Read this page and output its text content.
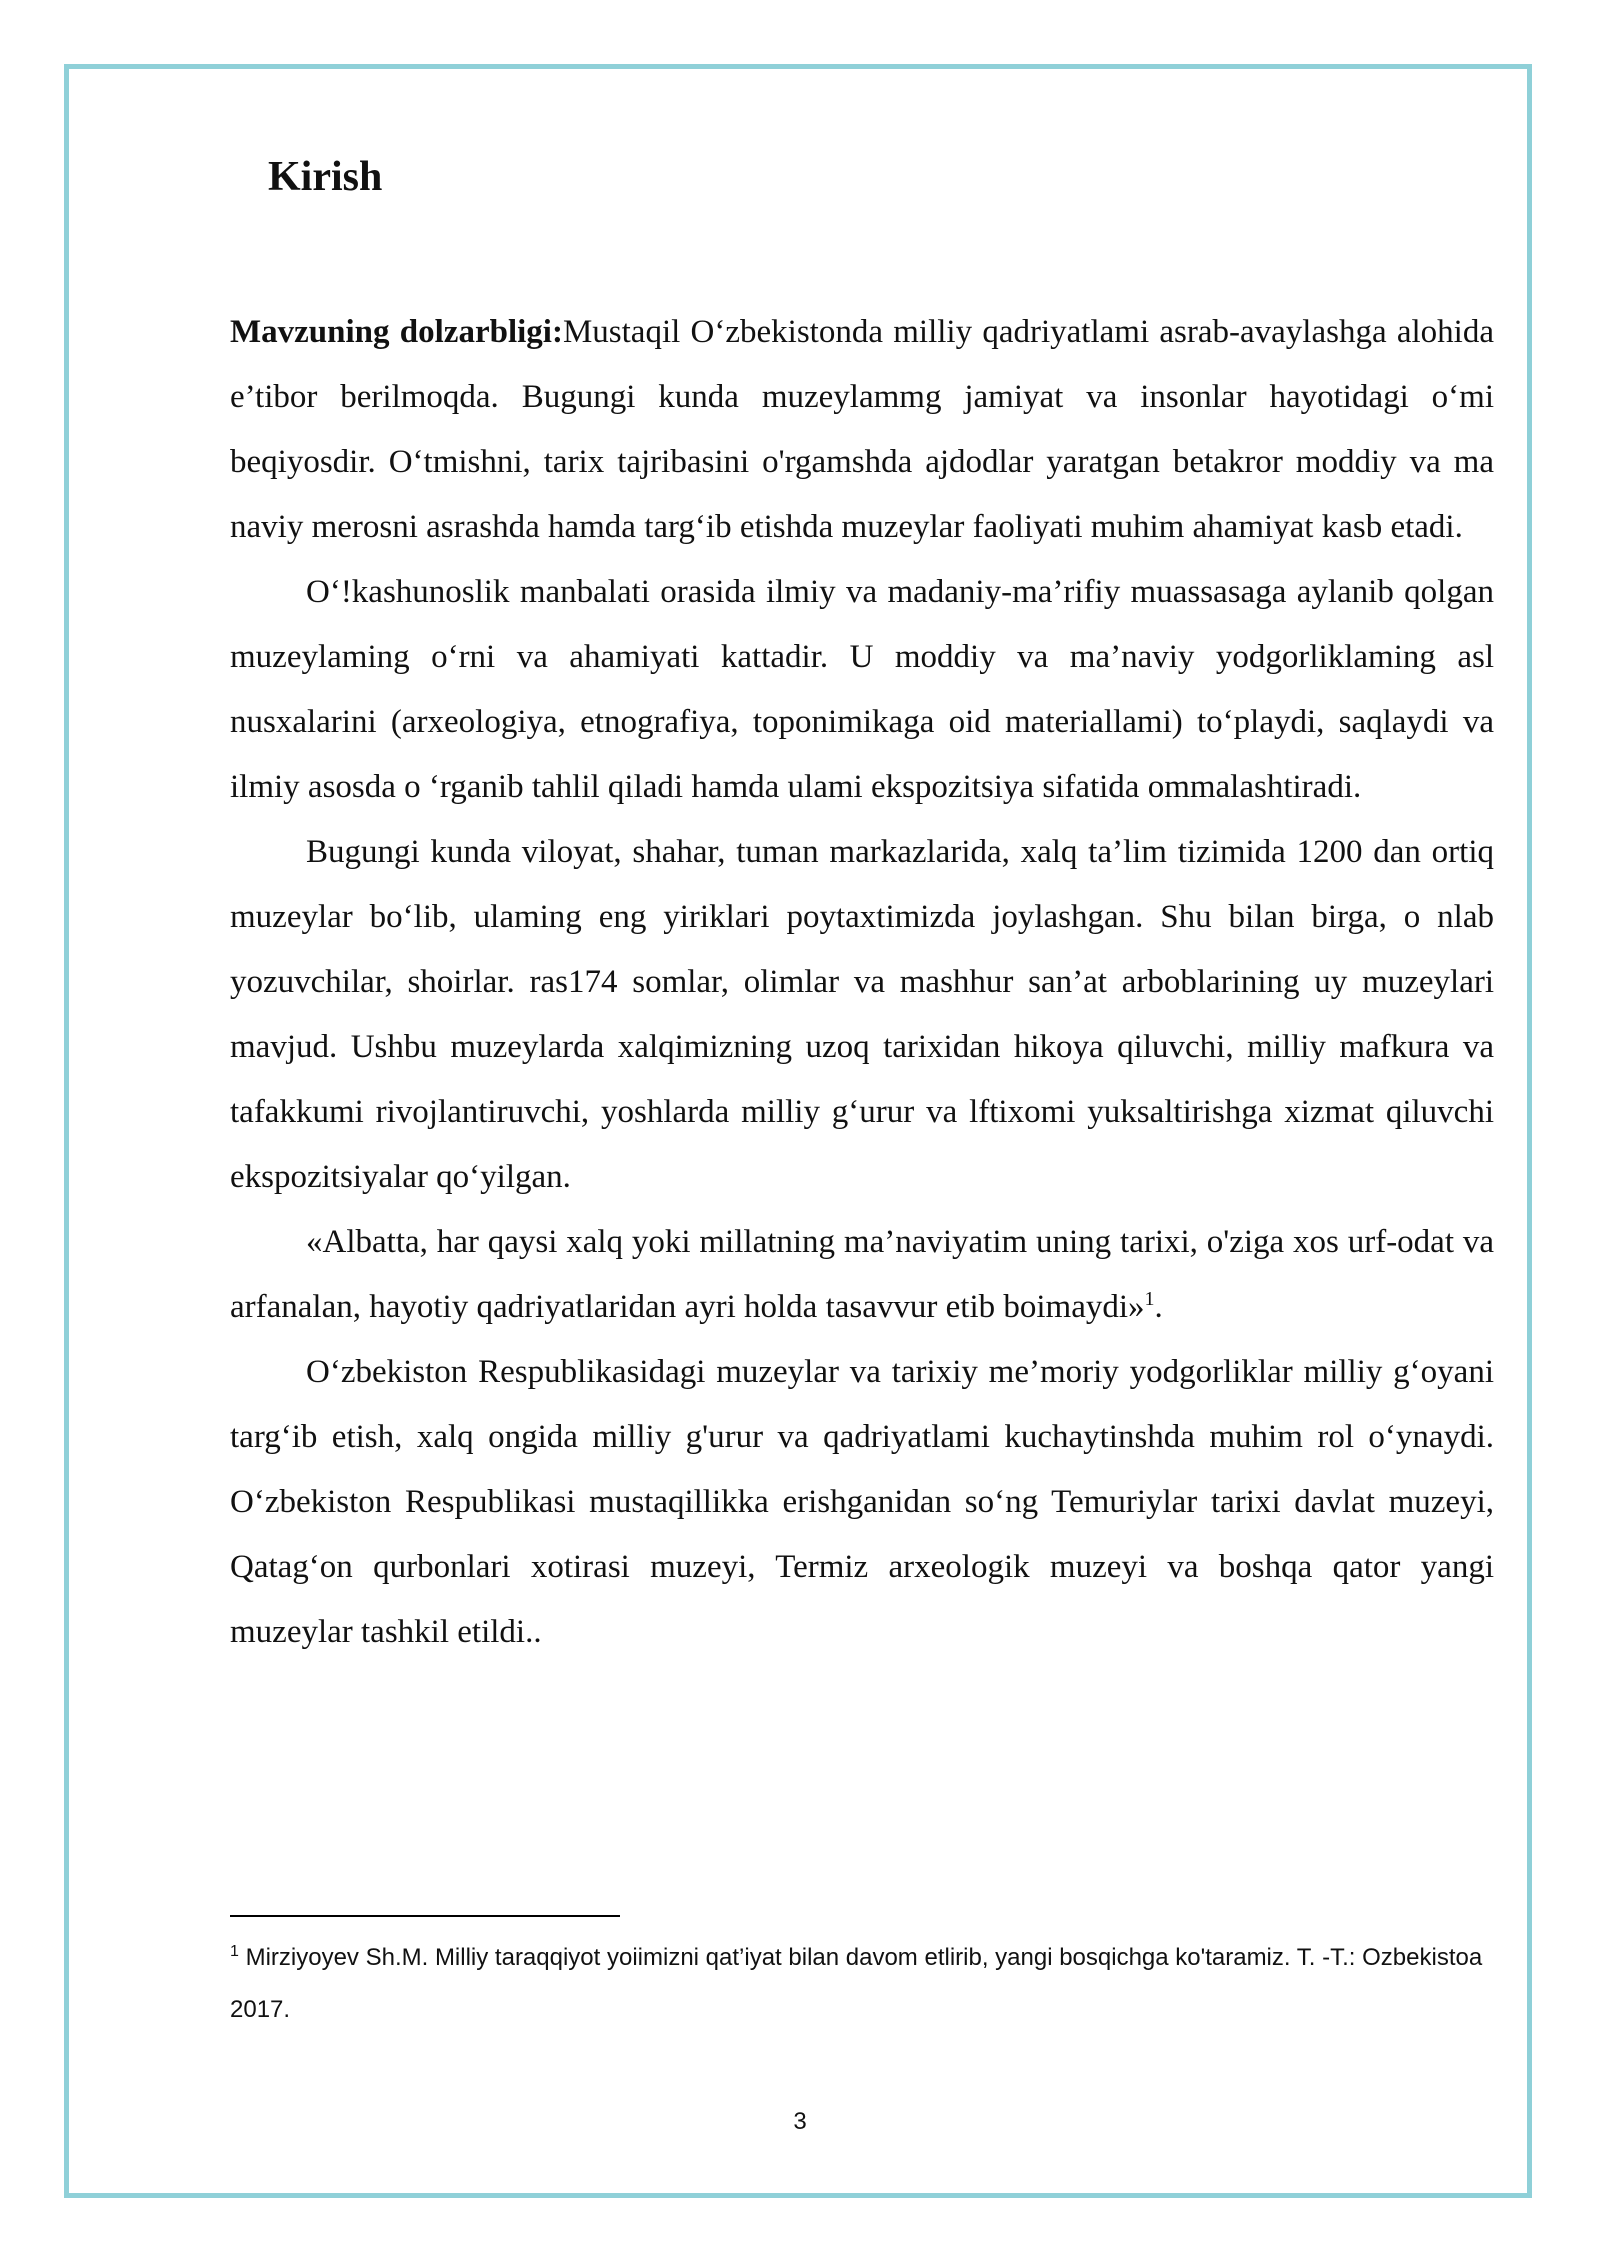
Kirish

Mavzuning dolzarbligi:Mustaqil O‘zbekistonda milliy qadriyatlami asrab-avaylashga alohida e’tibor berilmoqda. Bugungi kunda muzeylammg jamiyat va insonlar hayotidagi o‘mi beqiyosdir. O‘tmishni, tarix tajribasini o'rgamshda ajdodlar yaratgan betakror moddiy va ma naviy merosni asrashda hamda targ‘ib etishda muzeylar faoliyati muhim ahamiyat kasb etadi.

O‘!kashunoslik manbalati orasida ilmiy va madaniy-ma’rifiy muassasaga aylanib qolgan muzeylaming o‘rni va ahamiyati kattadir. U moddiy va ma’naviy yodgorliklaming asl nusxalarini (arxeologiya, etnografiya, toponimikaga oid materiallami) to‘playdi, saqlaydi va ilmiy asosda o ‘rganib tahlil qiladi hamda ulami ekspozitsiya sifatida ommalashtiradi.

Bugungi kunda viloyat, shahar, tuman markazlarida, xalq ta’lim tizimida 1200 dan ortiq muzeylar bo‘lib, ulaming eng yiriklari poytaxtimizda joylashgan. Shu bilan birga, o nlab yozuvchilar, shoirlar. ras174 somlar, olimlar va mashhur san’at arboblarining uy muzeylari mavjud. Ushbu muzeylarda xalqimizning uzoq tarixidan hikoya qiluvchi, milliy mafkura va tafakkumi rivojlantiruvchi, yoshlarda milliy g‘urur va lftixomi yuksaltirishga xizmat qiluvchi ekspozitsiyalar qo‘yilgan.

«Albatta, har qaysi xalq yoki millatning ma’naviyatim uning tarixi, o'ziga xos urf-odat va arfanalan, hayotiy qadriyatlaridan ayri holda tasavvur etib boimaydi»$^1$.

O‘zbekiston Respublikasidagi muzeylar va tarixiy me’moriy yodgorliklar milliy g‘oyani targ‘ib etish, xalq ongida milliy g'urur va qadriyatlami kuchaytinshda muhim rol o‘ynaydi. O‘zbekiston Respublikasi mustaqillikka erishganidan so‘ng Temuriylar tarixi davlat muzeyi, Qatag‘on qurbonlari xotirasi muzeyi, Termiz arxeologik muzeyi va boshqa qator yangi muzeylar tashkil etildi..

$^1$ Mirziyoyev Sh.M. Milliy taraqqiyot yoiimizni qat’iyat bilan davom etlirib, yangi bosqichga ko'taramiz. T. -T.: Ozbekistoa 2017.
3
